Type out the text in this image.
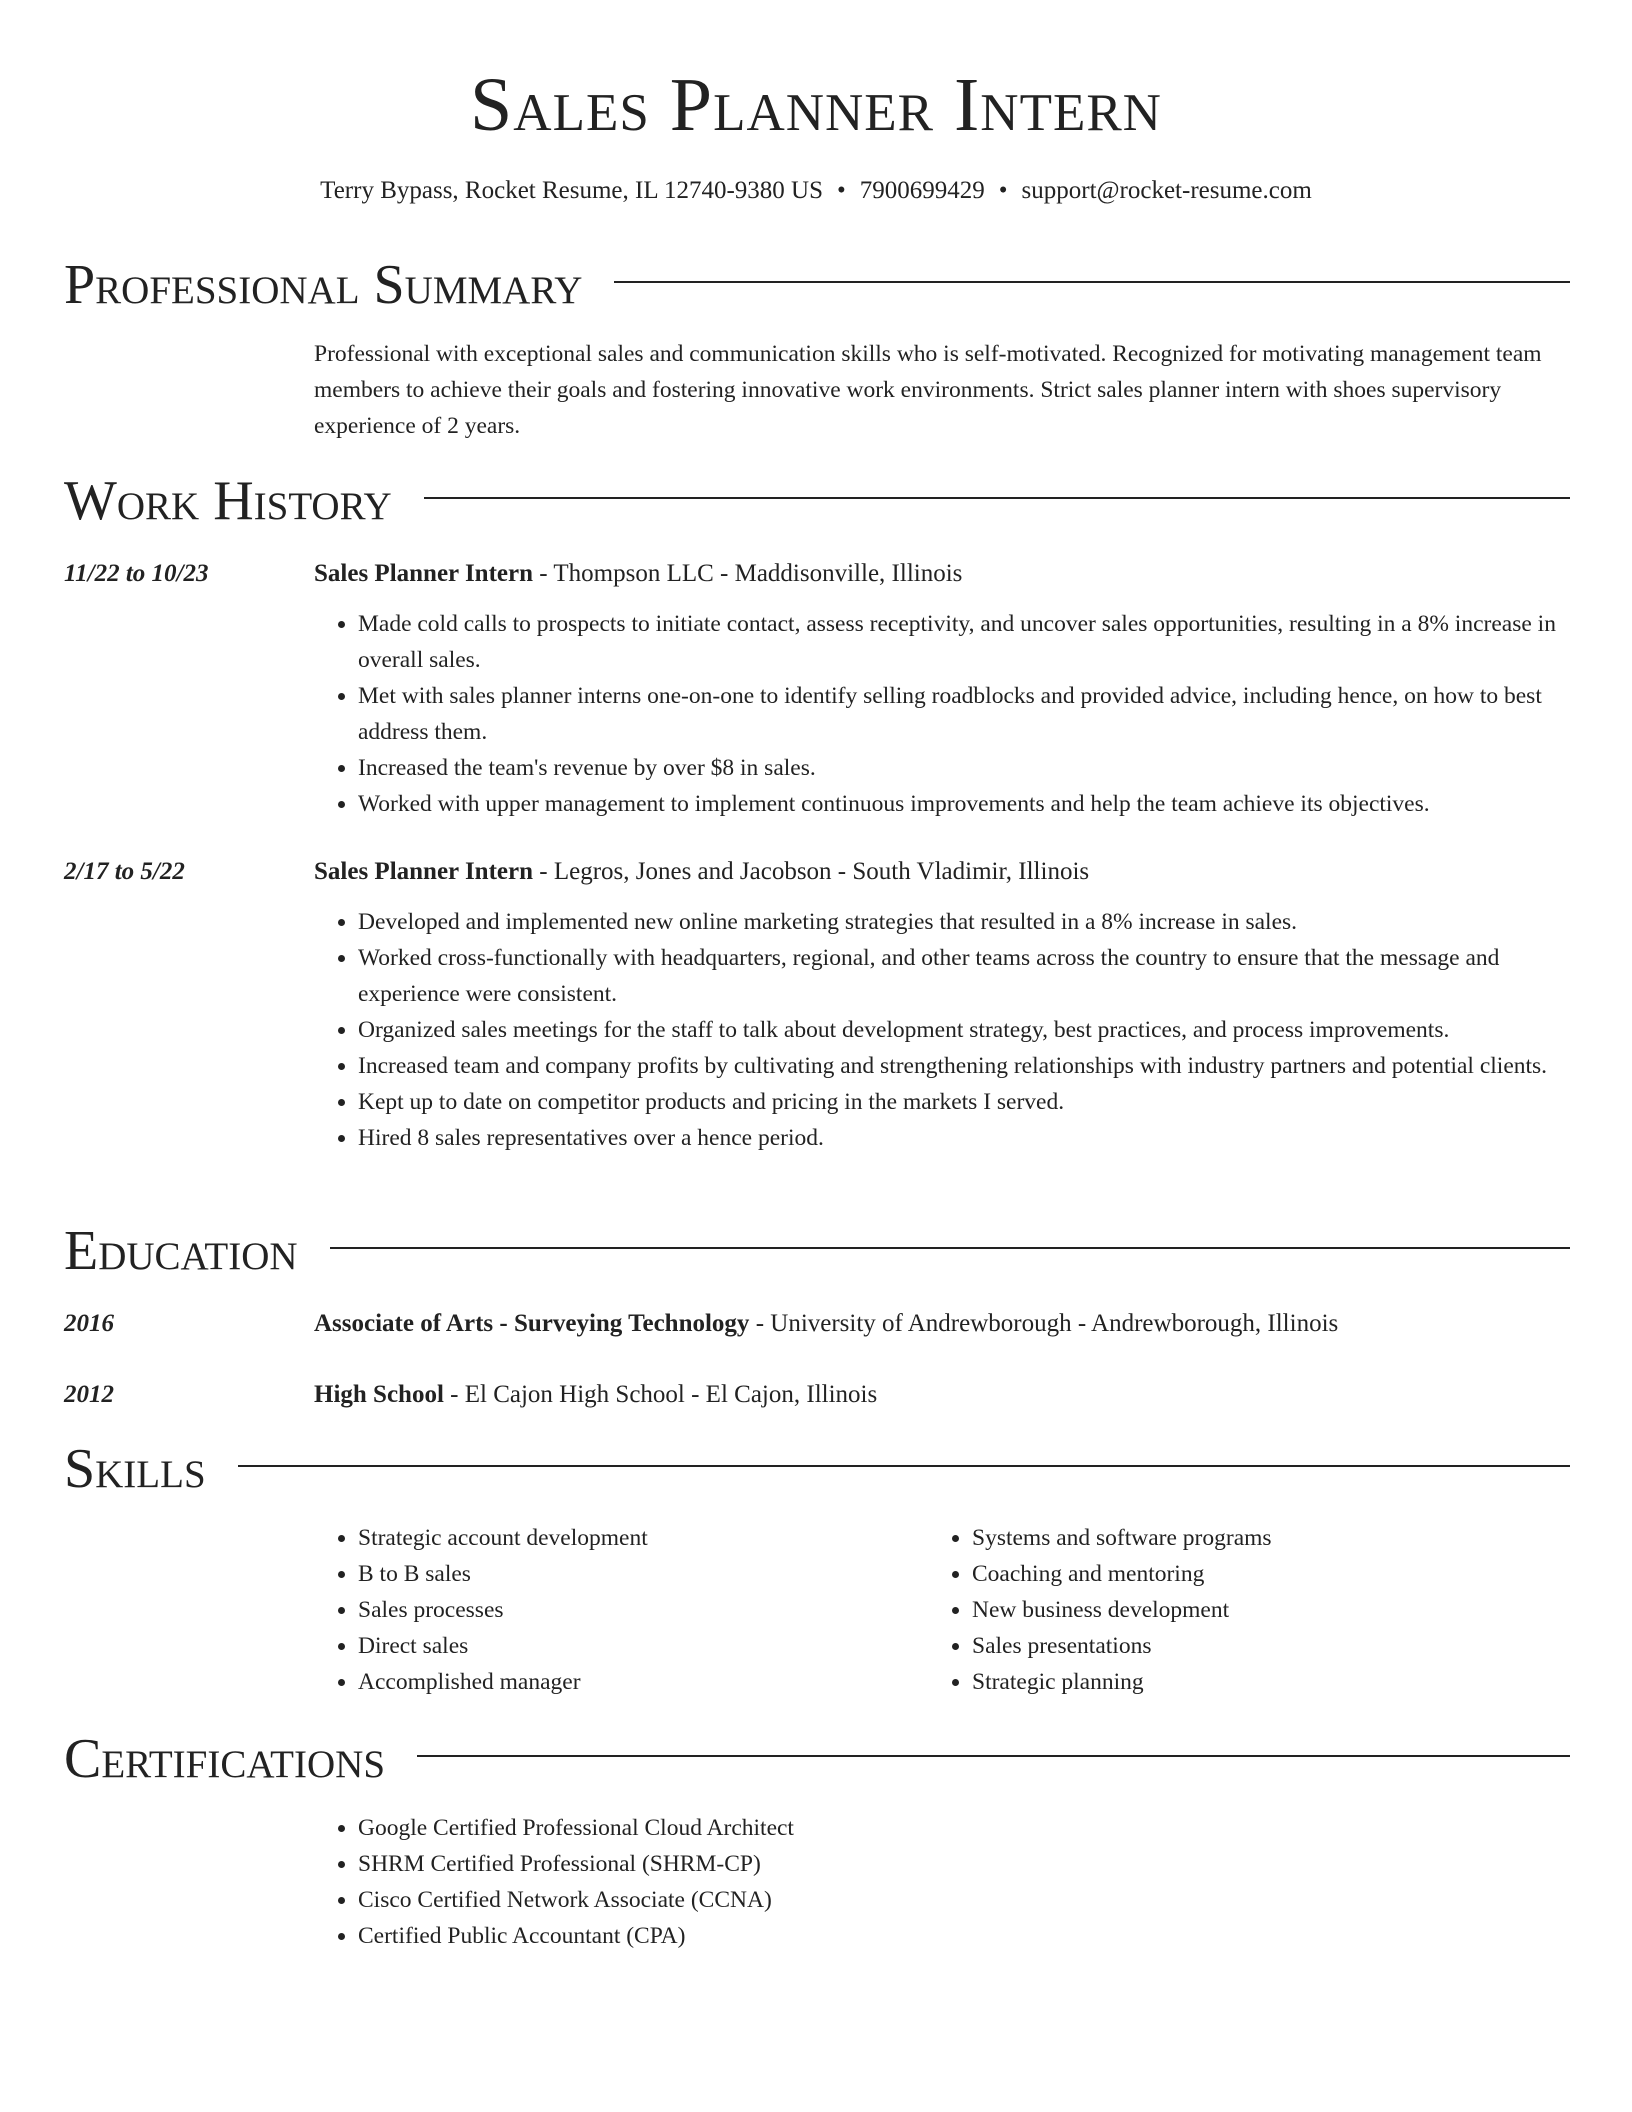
Sales Planner Intern

Terry Bypass, Rocket Resume, IL 12740-9380 US • 7900699429 • support@rocket-resume.com

Professional Summary

Professional with exceptional sales and communication skills who is self-motivated. Recognized for motivating management team members to achieve their goals and fostering innovative work environments. Strict sales planner intern with shoes supervisory experience of 2 years.

Work History
11/22 to 10/23	Sales Planner Intern - Thompson LLC - Maddisonville, Illinois
• Made cold calls to prospects to initiate contact, assess receptivity, and uncover sales opportunities, resulting in a 8% increase in overall sales.
• Met with sales planner interns one-on-one to identify selling roadblocks and provided advice, including hence, on how to best address them.
• Increased the team's revenue by over $8 in sales.
• Worked with upper management to implement continuous improvements and help the team achieve its objectives.
2/17 to 5/22	Sales Planner Intern - Legros, Jones and Jacobson - South Vladimir, Illinois
• Developed and implemented new online marketing strategies that resulted in a 8% increase in sales.
• Worked cross-functionally with headquarters, regional, and other teams across the country to ensure that the message and experience were consistent.
• Organized sales meetings for the staff to talk about development strategy, best practices, and process improvements.
• Increased team and company profits by cultivating and strengthening relationships with industry partners and potential clients.
• Kept up to date on competitor products and pricing in the markets I served.
• Hired 8 sales representatives over a hence period.
Education
2016	Associate of Arts - Surveying Technology - University of Andrewborough - Andrewborough, Illinois
2012	High School - El Cajon High School - El Cajon, Illinois
Skills
• Strategic account development
• B to B sales
• Sales processes
• Direct sales
• Accomplished manager
• Systems and software programs
• Coaching and mentoring
• New business development
• Sales presentations
• Strategic planning
Certifications
• Google Certified Professional Cloud Architect
• SHRM Certified Professional (SHRM-CP)
• Cisco Certified Network Associate (CCNA)
• Certified Public Accountant (CPA)
